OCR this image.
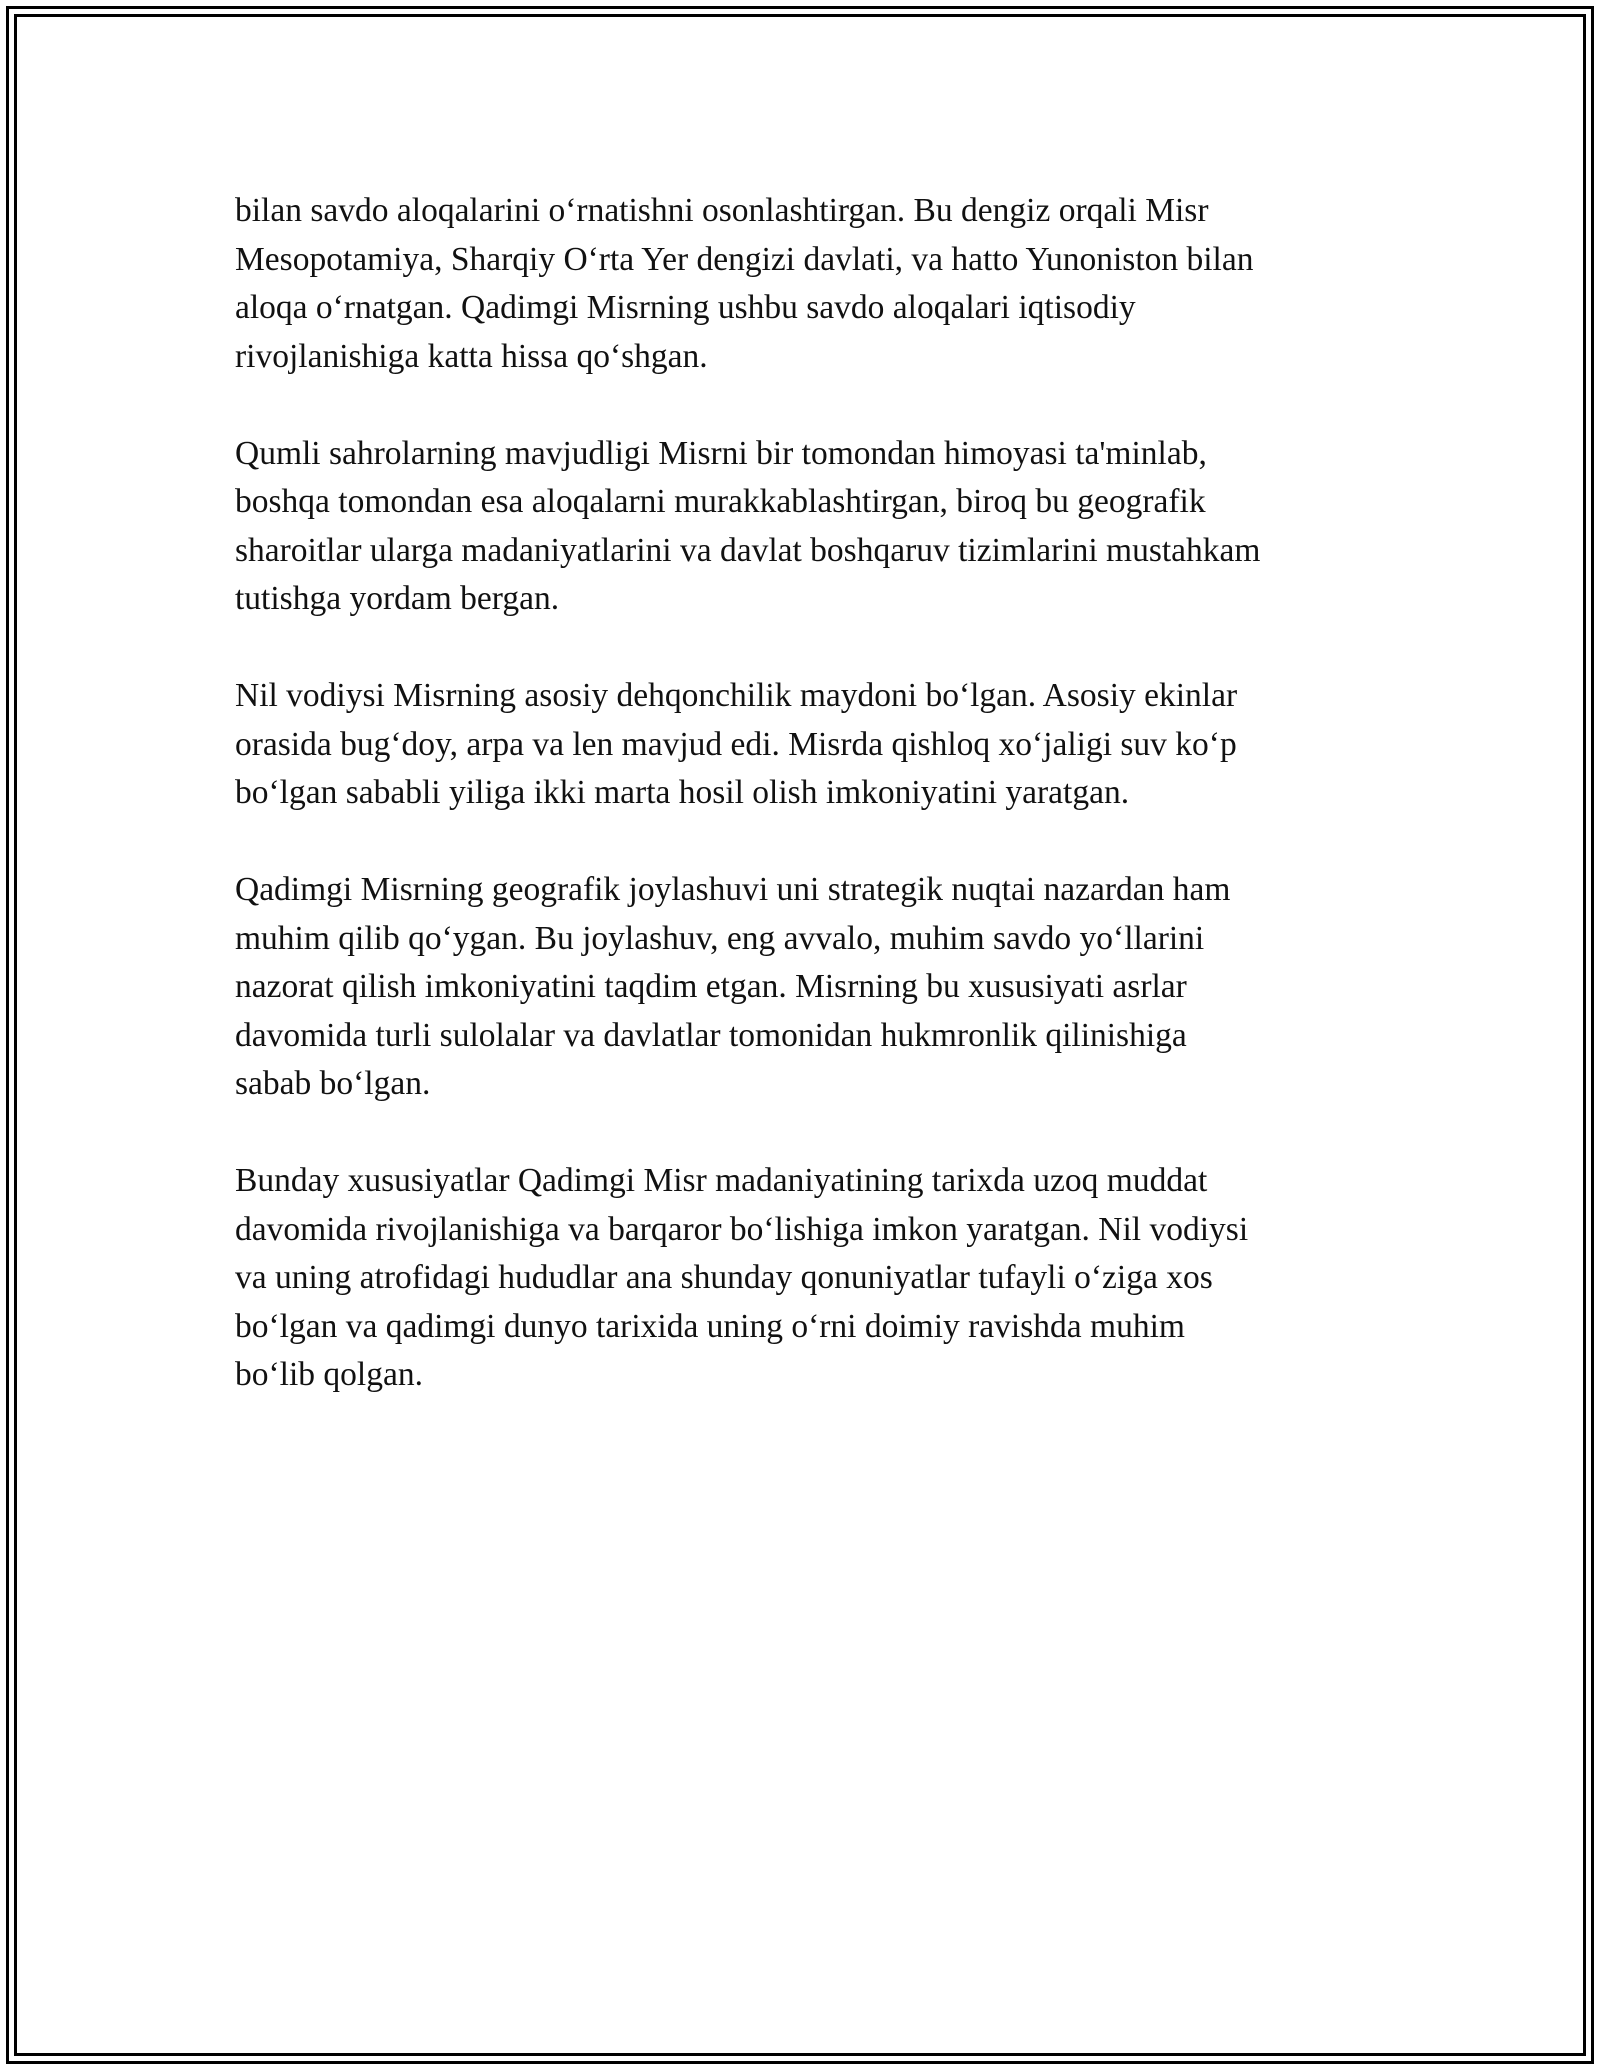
bilan savdo aloqalarini o‘rnatishni osonlashtirgan. Bu dengiz orqali Misr
Mesopotamiya, Sharqiy O‘rta Yer dengizi davlati, va hatto Yunoniston bilan
aloqa o‘rnatgan. Qadimgi Misrning ushbu savdo aloqalari iqtisodiy
rivojlanishiga katta hissa qo‘shgan.

Qumli sahrolarning mavjudligi Misrni bir tomondan himoyasi ta'minlab,
boshqa tomondan esa aloqalarni murakkablashtirgan, biroq bu geografik
sharoitlar ularga madaniyatlarini va davlat boshqaruv tizimlarini mustahkam
tutishga yordam bergan.

Nil vodiysi Misrning asosiy dehqonchilik maydoni bo‘lgan. Asosiy ekinlar
orasida bug‘doy, arpa va len mavjud edi. Misrda qishloq xo‘jaligi suv ko‘p
bo‘lgan sababli yiliga ikki marta hosil olish imkoniyatini yaratgan.

Qadimgi Misrning geografik joylashuvi uni strategik nuqtai nazardan ham
muhim qilib qo‘ygan. Bu joylashuv, eng avvalo, muhim savdo yo‘llarini
nazorat qilish imkoniyatini taqdim etgan. Misrning bu xususiyati asrlar
davomida turli sulolalar va davlatlar tomonidan hukmronlik qilinishiga
sabab bo‘lgan.

Bunday xususiyatlar Qadimgi Misr madaniyatining tarixda uzoq muddat
davomida rivojlanishiga va barqaror bo‘lishiga imkon yaratgan. Nil vodiysi
va uning atrofidagi hududlar ana shunday qonuniyatlar tufayli o‘ziga xos
bo‘lgan va qadimgi dunyo tarixida uning o‘rni doimiy ravishda muhim
bo‘lib qolgan.
